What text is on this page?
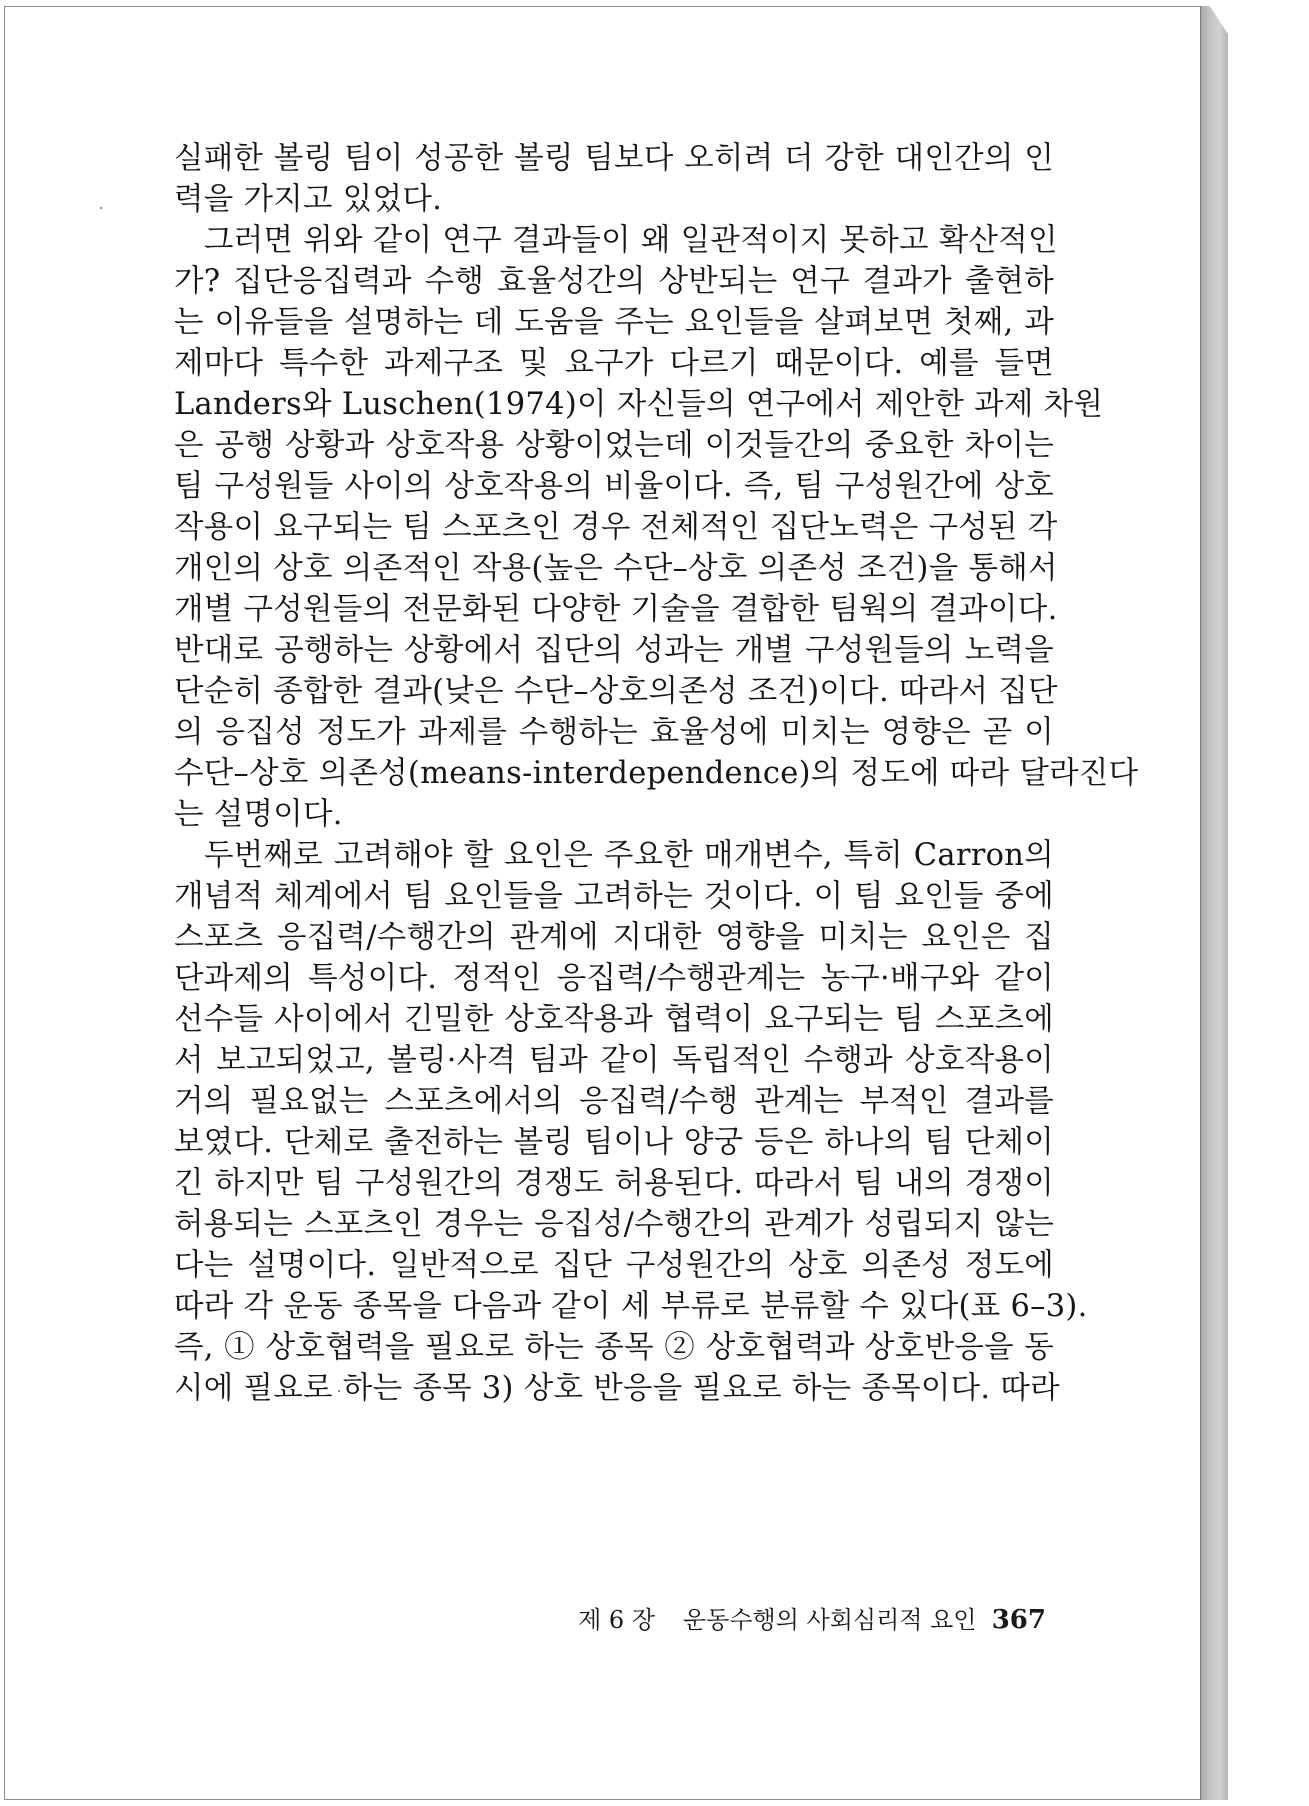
실패한 볼링 팀이 성공한 볼링 팀보다 오히려 더 강한 대인간의 인
력을 가지고 있었다.
그러면 위와 같이 연구 결과들이 왜 일관적이지 못하고 확산적인
가? 집단응집력과 수행 효율성간의 상반되는 연구 결과가 출현하
는 이유들을 설명하는 데 도움을 주는 요인들을 살펴보면 첫째, 과
제마다 특수한 과제구조 및 요구가 다르기 때문이다. 예를 들면
Landers와 Luschen(1974)이 자신들의 연구에서 제안한 과제 차원
은 공행 상황과 상호작용 상황이었는데 이것들간의 중요한 차이는
팀 구성원들 사이의 상호작용의 비율이다. 즉, 팀 구성원간에 상호
작용이 요구되는 팀 스포츠인 경우 전체적인 집단노력은 구성된 각
개인의 상호 의존적인 작용(높은 수단–상호 의존성 조건)을 통해서
개별 구성원들의 전문화된 다양한 기술을 결합한 팀웍의 결과이다.
반대로 공행하는 상황에서 집단의 성과는 개별 구성원들의 노력을
단순히 종합한 결과(낮은 수단–상호의존성 조건)이다. 따라서 집단
의 응집성 정도가 과제를 수행하는 효율성에 미치는 영향은 곧 이
수단–상호 의존성(means-interdependence)의 정도에 따라 달라진다
는 설명이다.
두번째로 고려해야 할 요인은 주요한 매개변수, 특히 Carron의
개념적 체계에서 팀 요인들을 고려하는 것이다. 이 팀 요인들 중에
스포츠 응집력/수행간의 관계에 지대한 영향을 미치는 요인은 집
단과제의 특성이다. 정적인 응집력/수행관계는 농구·배구와 같이
선수들 사이에서 긴밀한 상호작용과 협력이 요구되는 팀 스포츠에
서 보고되었고, 볼링·사격 팀과 같이 독립적인 수행과 상호작용이
거의 필요없는 스포츠에서의 응집력/수행 관계는 부적인 결과를
보였다. 단체로 출전하는 볼링 팀이나 양궁 등은 하나의 팀 단체이
긴 하지만 팀 구성원간의 경쟁도 허용된다. 따라서 팀 내의 경쟁이
허용되는 스포츠인 경우는 응집성/수행간의 관계가 성립되지 않는
다는 설명이다. 일반적으로 집단 구성원간의 상호 의존성 정도에
따라 각 운동 종목을 다음과 같이 세 부류로 분류할 수 있다(표 6–3).
즉, ① 상호협력을 필요로 하는 종목 ② 상호협력과 상호반응을 동
시에 필요로 하는 종목 3) 상호 반응을 필요로 하는 종목이다. 따라
제 6 장 운동수행의 사회심리적 요인 367
